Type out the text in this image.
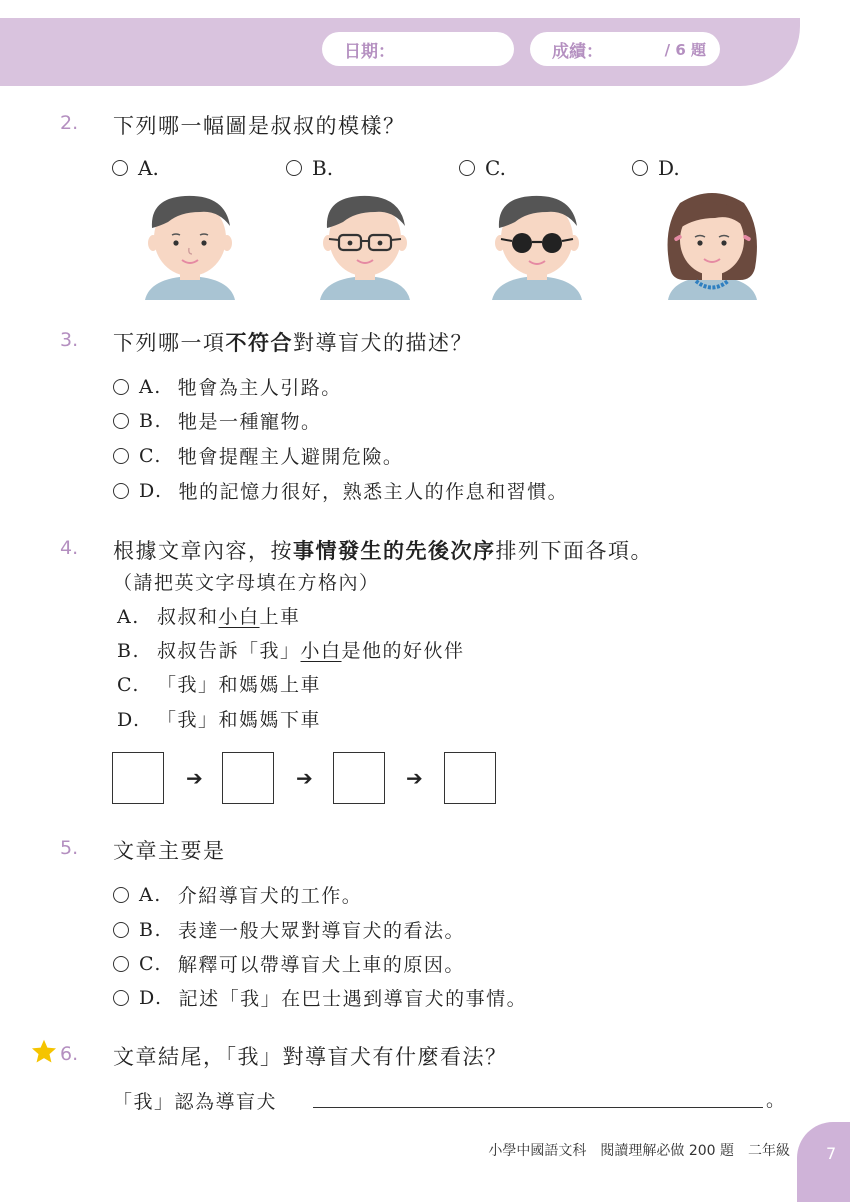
日期：	成績：	/ 6 題
2. 下列哪一幅圖是叔叔的模樣？
A.	B.	C.	D.
3. 下列哪一項不符合對導盲犬的描述？
A. 牠會為主人引路。
B. 牠是一種寵物。
C. 牠會提醒主人避開危險。
D. 牠的記憶力很好，熟悉主人的作息和習慣。
4. 根據文章內容，按事情發生的先後次序排列下面各項。
（請把英文字母填在方格內）
A. 叔叔和小白上車
B. 叔叔告訴「我」小白是他的好伙伴
C. 「我」和媽媽上車
D. 「我」和媽媽下車
➔	➔	➔
5. 文章主要是
A. 介紹導盲犬的工作。
B. 表達一般大眾對導盲犬的看法。
C. 解釋可以帶導盲犬上車的原因。
D. 記述「我」在巴士遇到導盲犬的事情。
6. 文章結尾，「我」對導盲犬有什麼看法？
「我」認為導盲犬	。
小學中國語文科　閱讀理解必做 200 題　二年級 7
